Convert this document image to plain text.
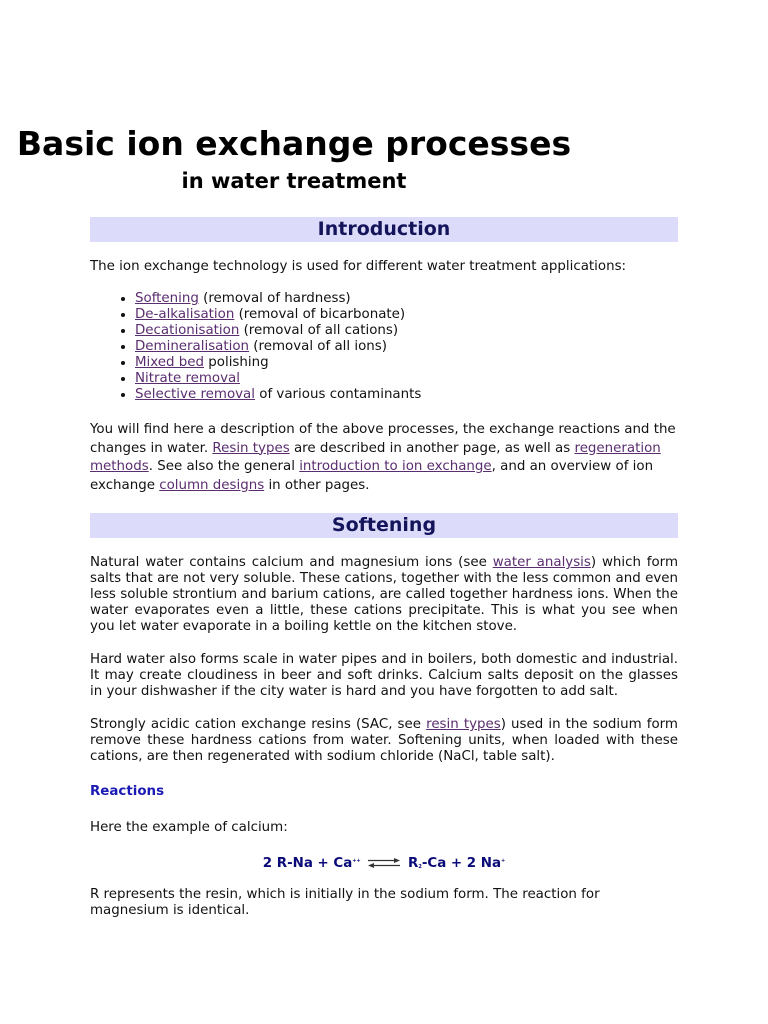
Basic ion exchange processes
in water treatment
Introduction

The ion exchange technology is used for different water treatment applications:

• Softening (removal of hardness)
• De-alkalisation (removal of bicarbonate)
• Decationisation (removal of all cations)
• Demineralisation (removal of all ions)
• Mixed bed polishing
• Nitrate removal
• Selective removal of various contaminants

You will find here a description of the above processes, the exchange reactions and the changes in water. Resin types are described in another page, as well as regeneration methods. See also the general introduction to ion exchange, and an overview of ion exchange column designs in other pages.

Softening

Natural water contains calcium and magnesium ions (see water analysis) which form salts that are not very soluble. These cations, together with the less common and even less soluble strontium and barium cations, are called together hardness ions. When the water evaporates even a little, these cations precipitate. This is what you see when you let water evaporate in a boiling kettle on the kitchen stove.

Hard water also forms scale in water pipes and in boilers, both domestic and industrial. It may create cloudiness in beer and soft drinks. Calcium salts deposit on the glasses in your dishwasher if the city water is hard and you have forgotten to add salt.

Strongly acidic cation exchange resins (SAC, see resin types) used in the sodium form remove these hardness cations from water. Softening units, when loaded with these cations, are then regenerated with sodium chloride (NaCl, table salt).

Reactions

Here the example of calcium:

2 R-Na + Ca++ ⇌ $R_2-Ca + 2$ Na+

R represents the resin, which is initially in the sodium form. The reaction for magnesium is identical.
